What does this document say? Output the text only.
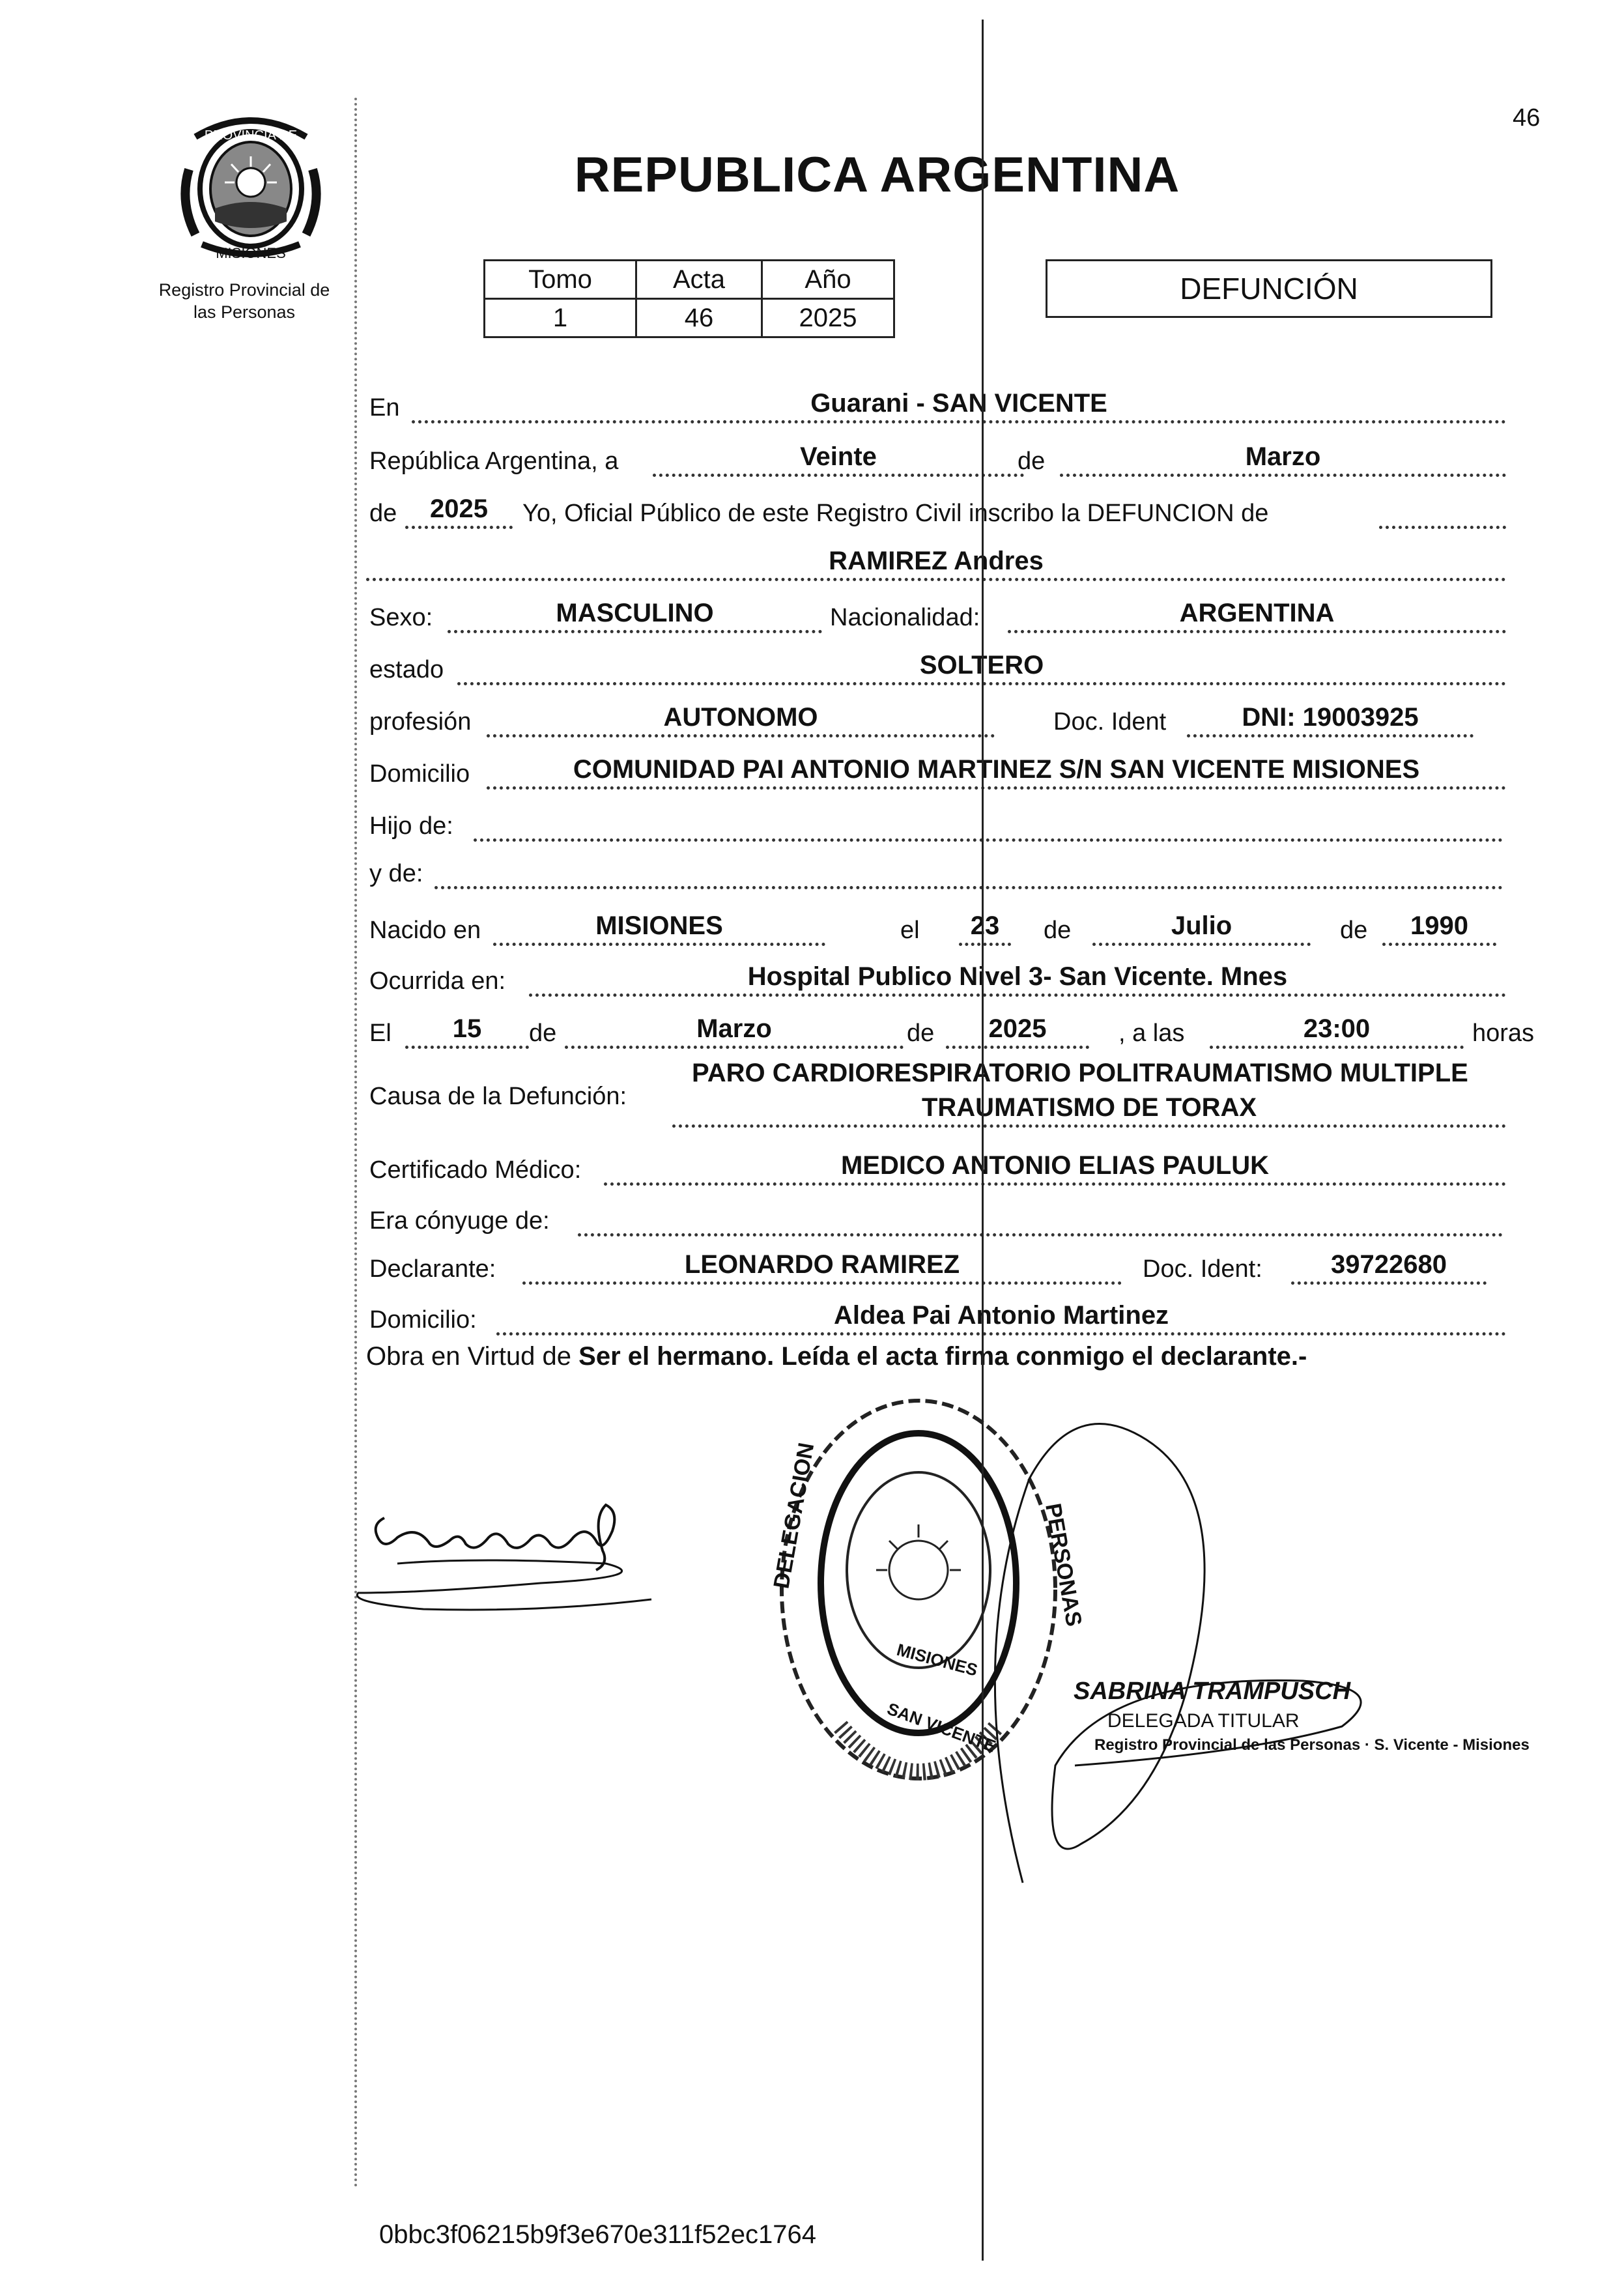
46
PROVINCIA DE
MISIONES
Registro Provincial de
las Personas
REPUBLICA ARGENTINA
Tomo	Acta	Año
1	46	2025
DEFUNCIÓN
En	Guarani - SAN VICENTE
República Argentina, a	Veinte	de	Marzo
de	2025	Yo, Oficial Público de este Registro Civil inscribo la DEFUNCION de
RAMIREZ Andres
Sexo:	MASCULINO	Nacionalidad:	ARGENTINA
estado	SOLTERO
profesión	AUTONOMO	Doc. Ident	DNI: 19003925
Domicilio	COMUNIDAD PAI ANTONIO MARTINEZ S/N SAN VICENTE MISIONES
Hijo de:
y de:
Nacido en	MISIONES	el	23	de	Julio	de	1990
Ocurrida en:	Hospital Publico Nivel 3- San Vicente. Mnes
El	15	de	Marzo	de	2025	, a las	23:00	horas
Causa de la Defunción:
PARO CARDIORESPIRATORIO POLITRAUMATISMO MULTIPLE
TRAUMATISMO DE TORAX
Certificado Médico:	MEDICO ANTONIO ELIAS PAULUK
Era cónyuge de:
Declarante:	LEONARDO RAMIREZ	Doc. Ident:	39722680
Domicilio:	Aldea Pai Antonio Martinez
Obra en Virtud de Ser el hermano. Leída el acta firma conmigo el declarante.-
DELEGACION	PERSONAS
MISIONES
SAN VICENTE
SABRINA TRAMPUSCH
DELEGADA TITULAR
Registro Provincial de las Personas · S. Vicente - Misiones
0bbc3f06215b9f3e670e311f52ec1764
